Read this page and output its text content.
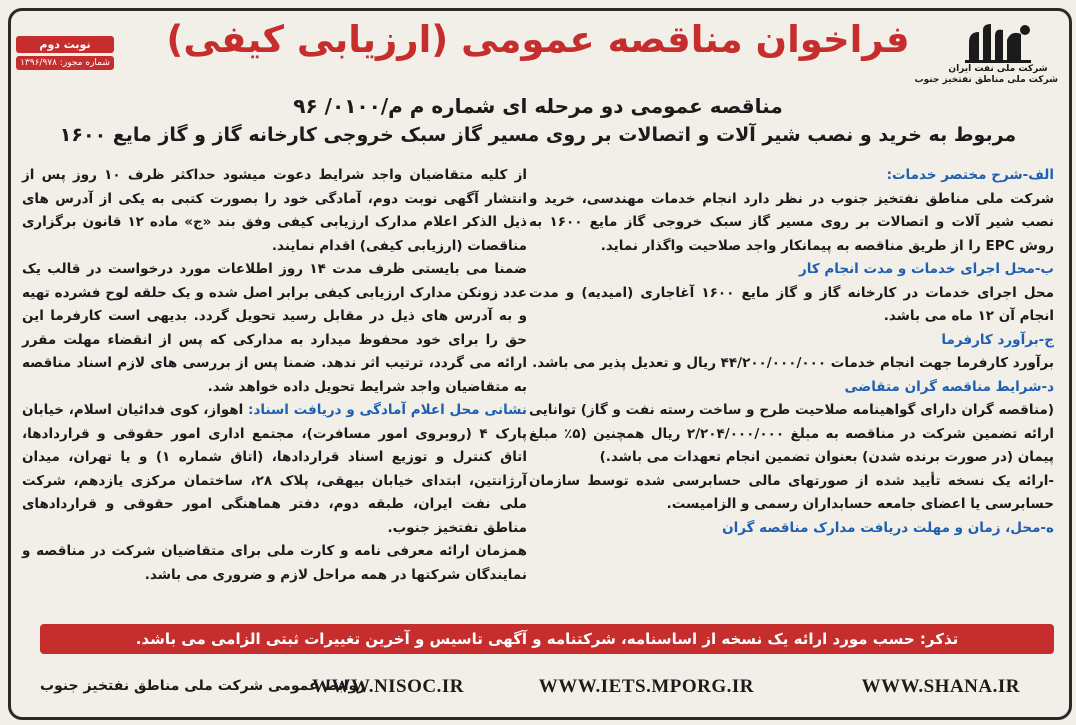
شرکت ملی نفت ایران
شرکت ملی مناطق نفتخیز جنوب
نوبت دوم
شماره مجوز: ۱۳۹۶/۹۷۸
فراخوان مناقصه عمومی (ارزیابی کیفی)
مناقصه عمومی دو مرحله ای شماره م م/۰۱۰۰/ ۹۶
مربوط به خرید و نصب شیر آلات و اتصالات بر روی مسیر گاز سبک خروجی کارخانه گاز و گاز مایع ۱۶۰۰
الف-شرح مختصر خدمات:
شرکت ملی مناطق نفتخیز جنوب در نظر دارد انجام خدمات مهندسی، خرید و نصب شیر آلات و اتصالات بر روی مسیر گاز سبک خروجی گاز مایع ۱۶۰۰ به روش EPC را از طریق مناقصه به پیمانکار واجد صلاحیت واگذار نماید.
ب-محل اجرای خدمات و مدت انجام کار
محل اجرای خدمات در کارخانه گاز و گاز مایع ۱۶۰۰ آغاجاری (امیدیه) و مدت انجام آن ۱۲ ماه می باشد.
ج-برآورد کارفرما
برآورد کارفرما جهت انجام خدمات ۴۴/۲۰۰/۰۰۰/۰۰۰ ریال و تعدیل پذیر می باشد.
د-شرایط مناقصه گران متقاضی
(مناقصه گران دارای گواهینامه صلاحیت طرح و ساخت رسته نفت و گاز) توانایی ارائه تضمین شرکت در مناقصه به مبلغ ۲/۲۰۴/۰۰۰/۰۰۰ ریال همچنین (۵٪ مبلغ پیمان (در صورت برنده شدن) بعنوان تضمین انجام تعهدات می باشد.)
-ارائه یک نسخه تأیید شده از صورتهای مالی حسابرسی شده توسط سازمان حسابرسی یا اعضای جامعه حسابداران رسمی و الزامیست.
ه-محل، زمان و مهلت دریافت مدارک مناقصه گران
از کلیه متقاضیان واجد شرایط دعوت میشود حداکثر ظرف ۱۰ روز پس از انتشار آگهی نوبت دوم، آمادگی خود را بصورت کتبی به یکی از آدرس های ذیل الذکر اعلام مدارک ارزیابی کیفی وفق بند «ج» ماده ۱۲ قانون برگزاری مناقصات (ارزیابی کیفی) اقدام نمایند.
ضمنا می بایستی ظرف مدت ۱۴ روز اطلاعات مورد درخواست در قالب یک عدد زونکن مدارک ارزیابی کیفی برابر اصل شده و یک حلقه لوح فشرده تهیه و به آدرس های ذیل در مقابل رسید تحویل گردد. بدیهی است کارفرما این حق را برای خود محفوظ میدارد به مدارکی که پس از انقضاء مهلت مقرر ارائه می گردد، ترتیب اثر ندهد. ضمنا پس از بررسی های لازم اسناد مناقصه به متقاضیان واجد شرایط تحویل داده خواهد شد.
نشانی محل اعلام آمادگی و دریافت اسناد: اهواز، کوی فدائیان اسلام، خیابان پارک ۴ (روبروی امور مسافرت)، مجتمع اداری امور حقوقی و قراردادها، اتاق کنترل و توزیع اسناد قراردادها، (اتاق شماره ۱) و یا تهران، میدان آرژانتین، ابتدای خیابان بیهقی، پلاک ۲۸، ساختمان مرکزی یازدهم، شرکت ملی نفت ایران، طبقه دوم، دفتر هماهنگی امور حقوقی و قراردادهای مناطق نفتخیز جنوب.
همزمان ارائه معرفی نامه و کارت ملی برای متقاضیان شرکت در مناقصه و نمایندگان شرکتها در همه مراحل لازم و ضروری می باشد.
تذکر: حسب مورد ارائه یک نسخه از اساسنامه، شرکتنامه و آگهی تاسیس و آخرین تغییرات ثبتی الزامی می باشد.
WWW.SHANA.IR
WWW.IETS.MPORG.IR
WWW.NISOC.IR
روابط عمومی شرکت ملی مناطق نفتخیز جنوب
